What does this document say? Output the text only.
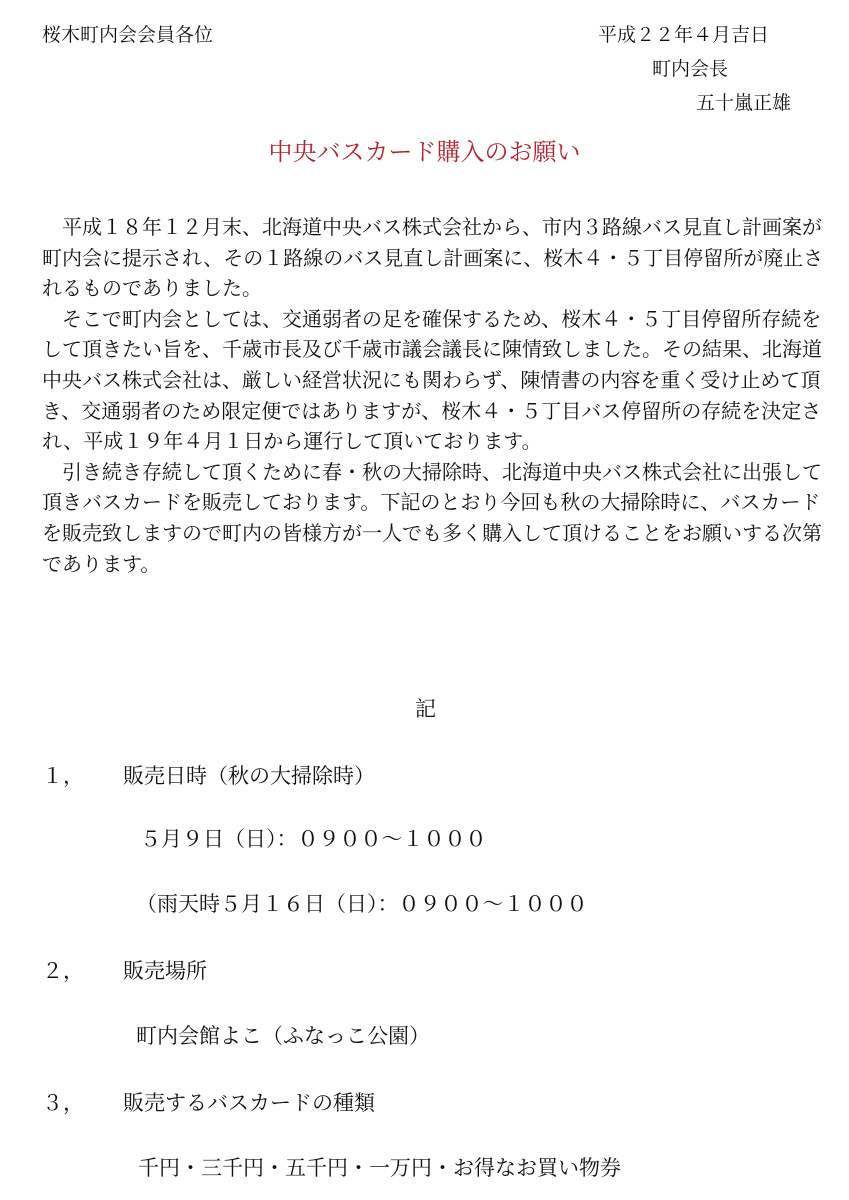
桜木町内会会員各位	平成２２年４月吉日
町内会長
五十嵐正雄
中央バスカード購入のお願い

平成１８年１２月末、北海道中央バス株式会社から、市内３路線バス見直し計画案が町内会に提示され、その１路線のバス見直し計画案に、桜木４・５丁目停留所が廃止されるものでありました。

そこで町内会としては、交通弱者の足を確保するため、桜木４・５丁目停留所存続をして頂きたい旨を、千歳市長及び千歳市議会議長に陳情致しました。その結果、北海道中央バス株式会社は、厳しい経営状況にも関わらず、陳情書の内容を重く受け止めて頂き、交通弱者のため限定便ではありますが、桜木４・５丁目バス停留所の存続を決定され、平成１９年４月１日から運行して頂いております。

引き続き存続して頂くために春・秋の大掃除時、北海道中央バス株式会社に出張して頂きバスカードを販売しております。下記のとおり今回も秋の大掃除時に、バスカードを販売致しますので町内の皆様方が一人でも多く購入して頂けることをお願いする次第であります。

記
１， 販売日時（秋の大掃除時）
５月９日（日）：０９００～１０００
（雨天時５月１６日（日）：０９００～１０００
２， 販売場所
町内会館よこ（ふなっこ公園）
３， 販売するバスカードの種類
千円・三千円・五千円・一万円・お得なお買い物券
